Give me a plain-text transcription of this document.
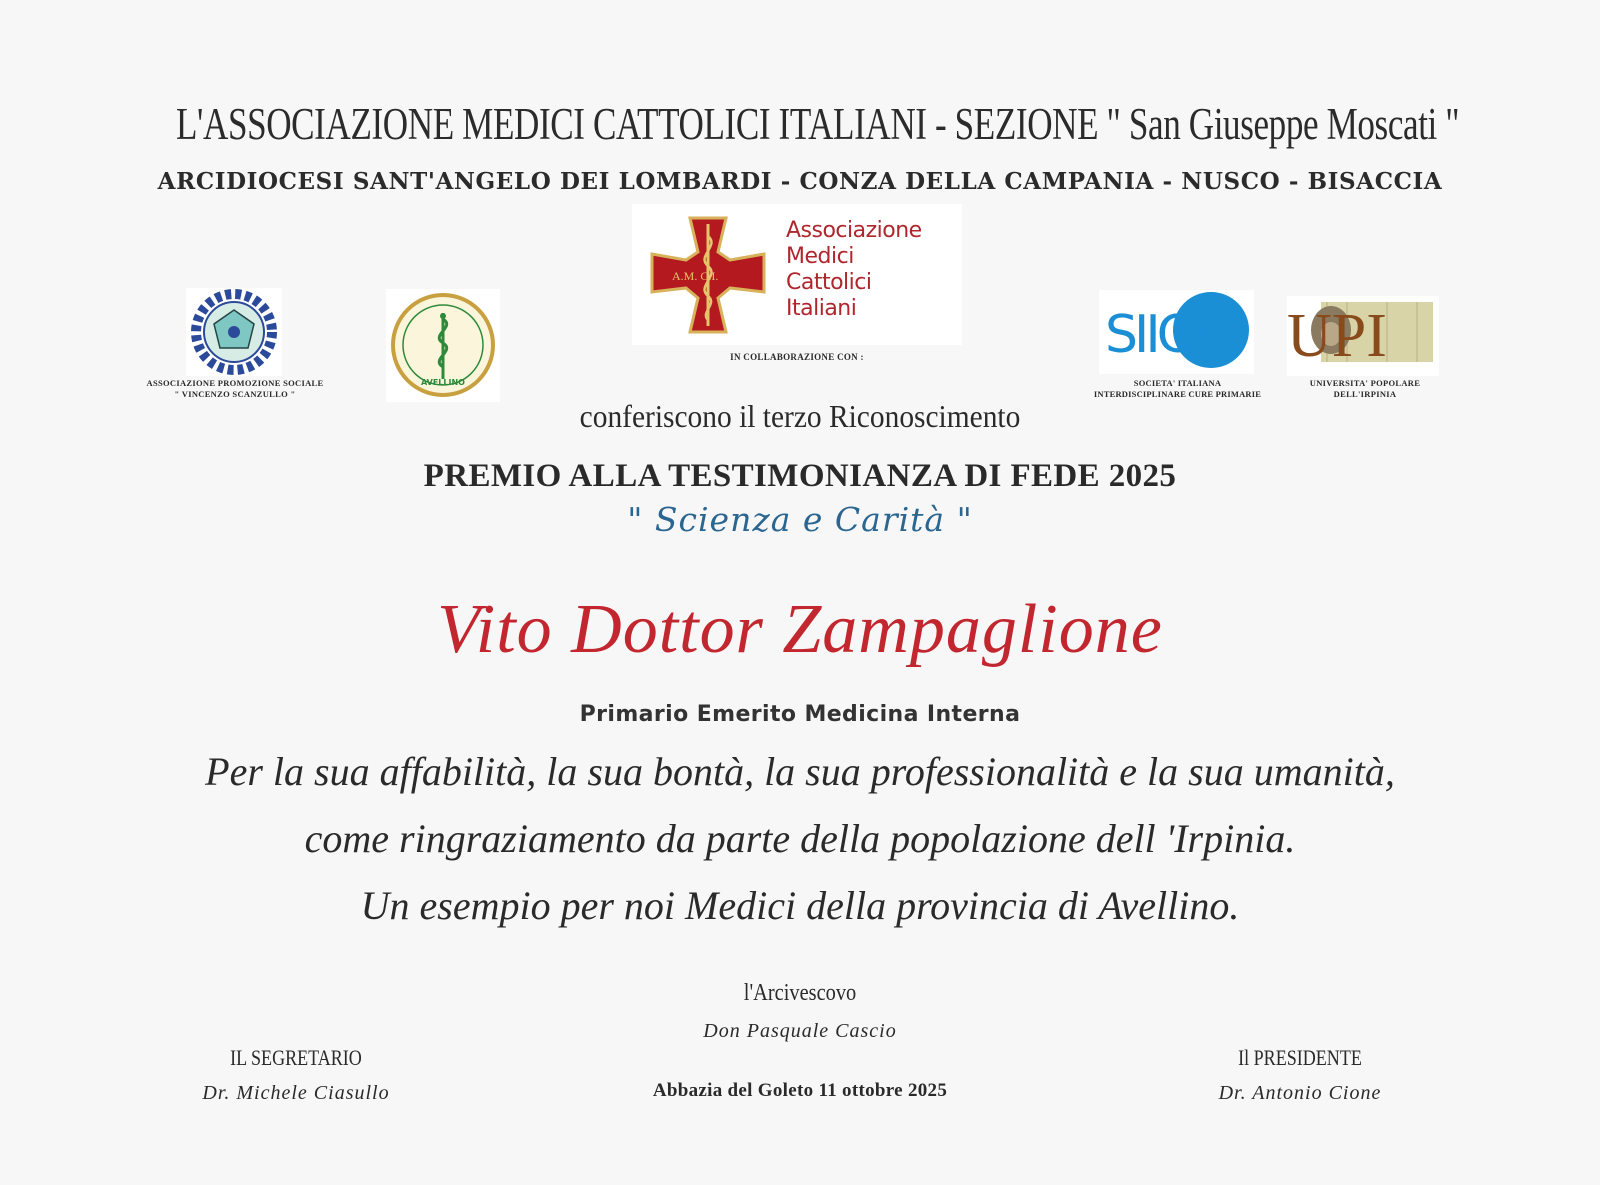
L'ASSOCIAZIONE MEDICI CATTOLICI ITALIANI - SEZIONE " San Giuseppe Moscati "
ARCIDIOCESI SANT'ANGELO DEI LOMBARDI - CONZA DELLA CAMPANIA - NUSCO - BISACCIA
A.M. C.I.
Associazione
Medici
Cattolici
Italiani
IN COLLABORAZIONE CON :
ASSOCIAZIONE PROMOZIONE SOCIALE
" VINCENZO SCANZULLO "
AVELLINO
SIICP
SOCIETA' ITALIANA
INTERDISCIPLINARE CURE PRIMARIE
UPI
UNIVERSITA' POPOLARE
DELL'IRPINIA
conferiscono il terzo Riconoscimento
PREMIO ALLA TESTIMONIANZA DI FEDE 2025
" Scienza e Carità "
Vito Dottor Zampaglione
Primario Emerito Medicina Interna
Per la sua affabilità, la sua bontà, la sua professionalità e la sua umanità,
come ringraziamento da parte della popolazione dell 'Irpinia.
Un esempio per noi Medici della provincia di Avellino.
l'Arcivescovo
Don Pasquale Cascio
IL SEGRETARIO
Dr. Michele Ciasullo	Abbazia del Goleto 11 ottobre 2025
Il PRESIDENTE
Dr. Antonio Cione
